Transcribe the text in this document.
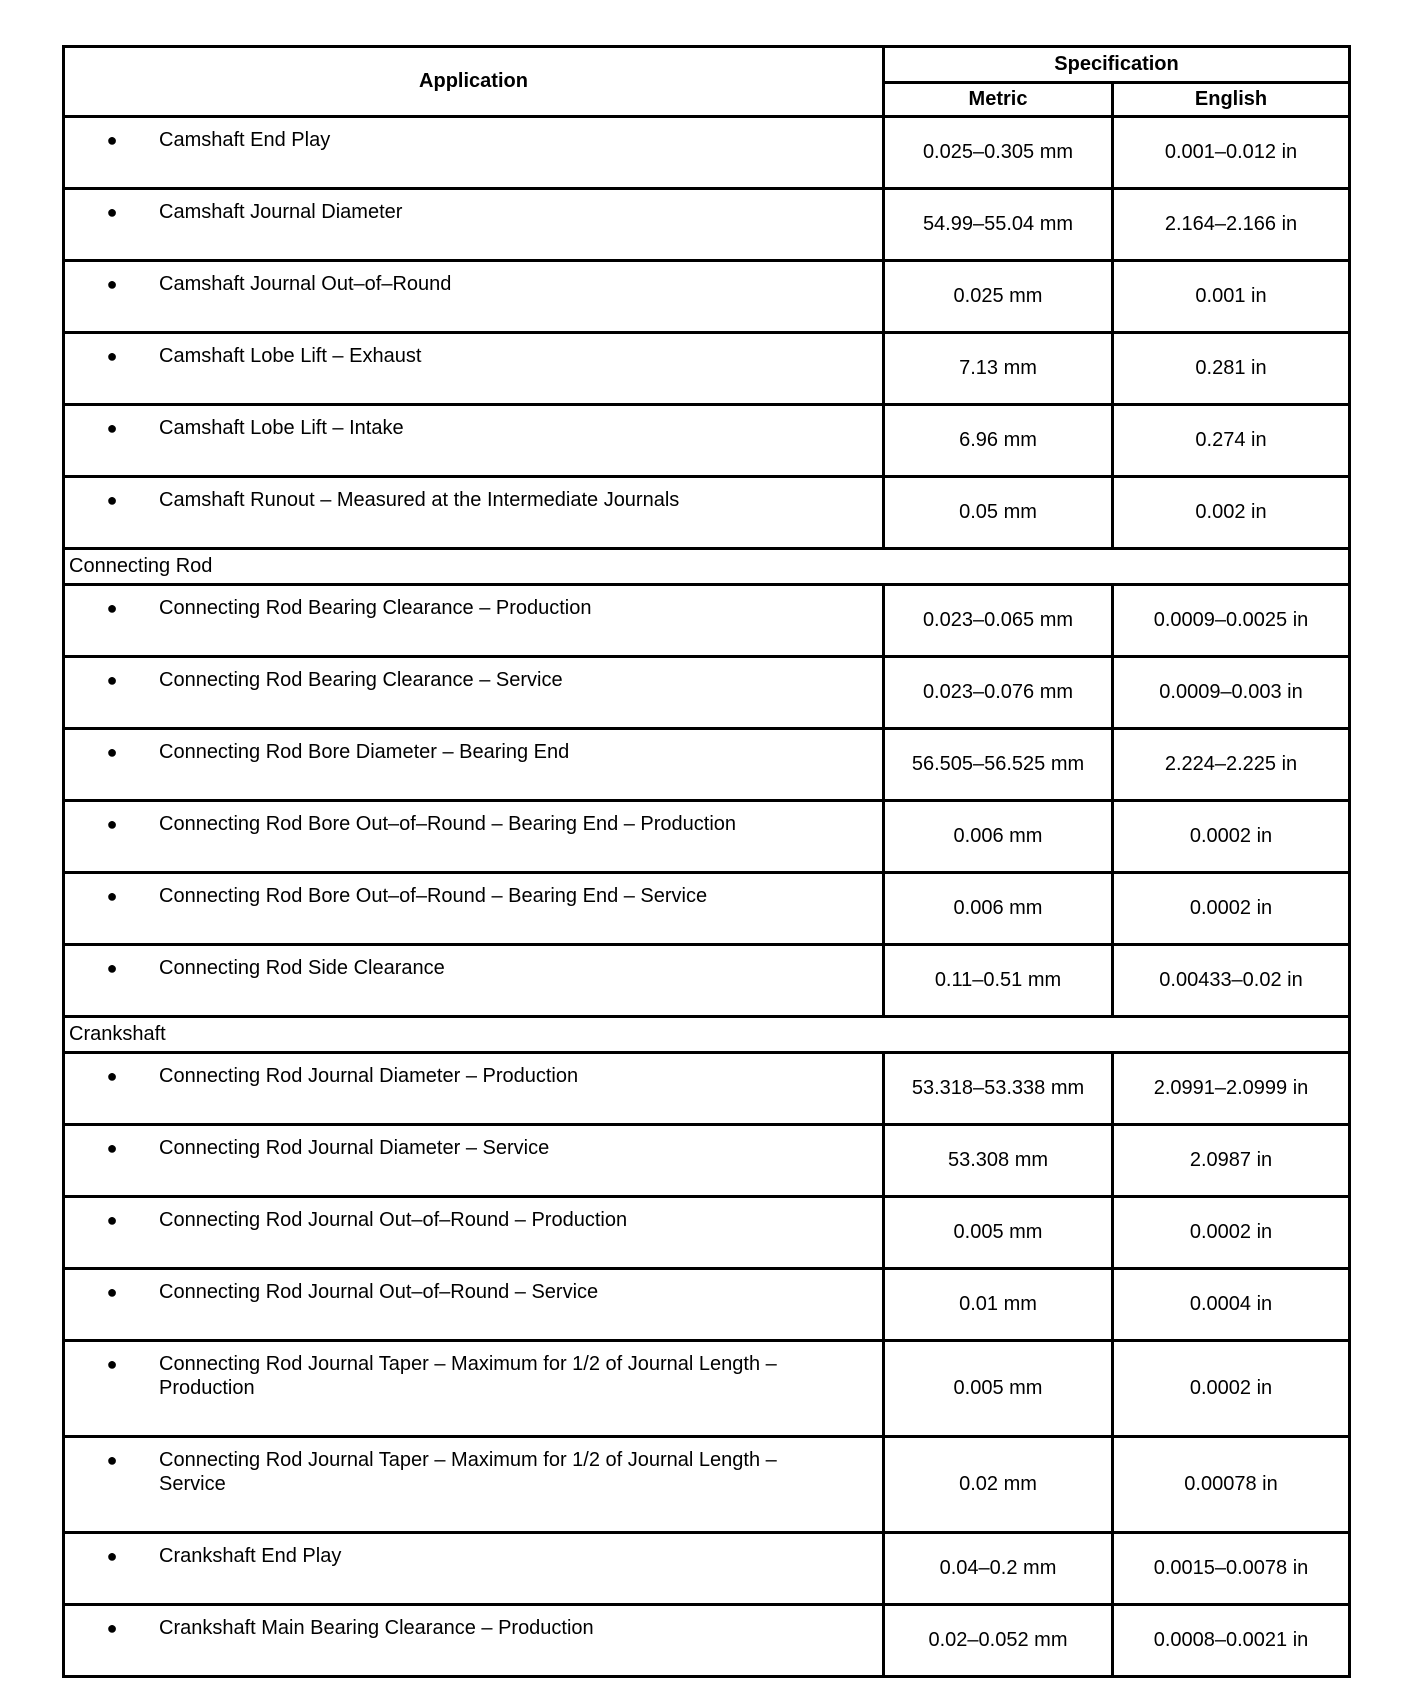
Application	Specification	
	Metric	English

● Camshaft End Play	0.025–0.305 mm	0.001–0.012 in

● Camshaft Journal Diameter	54.99–55.04 mm	2.164–2.166 in

● Camshaft Journal Out–of–Round	0.025 mm	0.001 in

● Camshaft Lobe Lift – Exhaust	7.13 mm	0.281 in

● Camshaft Lobe Lift – Intake	6.96 mm	0.274 in

● Camshaft Runout – Measured at the Intermediate Journals	0.05 mm	0.002 in
Connecting Rod		

● Connecting Rod Bearing Clearance – Production	0.023–0.065 mm	0.0009–0.0025 in

● Connecting Rod Bearing Clearance – Service	0.023–0.076 mm	0.0009–0.003 in

● Connecting Rod Bore Diameter – Bearing End	56.505–56.525 mm	2.224–2.225 in

● Connecting Rod Bore Out–of–Round – Bearing End – Production	0.006 mm	0.0002 in

● Connecting Rod Bore Out–of–Round – Bearing End – Service	0.006 mm	0.0002 in

● Connecting Rod Side Clearance	0.11–0.51 mm	0.00433–0.02 in
Crankshaft		

● Connecting Rod Journal Diameter – Production	53.318–53.338 mm	2.0991–2.0999 in

● Connecting Rod Journal Diameter – Service	53.308 mm	2.0987 in

● Connecting Rod Journal Out–of–Round – Production	0.005 mm	0.0002 in

● Connecting Rod Journal Out–of–Round – Service	0.01 mm	0.0004 in

● Connecting Rod Journal Taper – Maximum for 1/2 of Journal Length – Production	0.005 mm	0.0002 in

● Connecting Rod Journal Taper – Maximum for 1/2 of Journal Length – Service	0.02 mm	0.00078 in

● Crankshaft End Play	0.04–0.2 mm	0.0015–0.0078 in

● Crankshaft Main Bearing Clearance – Production	0.02–0.052 mm	0.0008–0.0021 in
